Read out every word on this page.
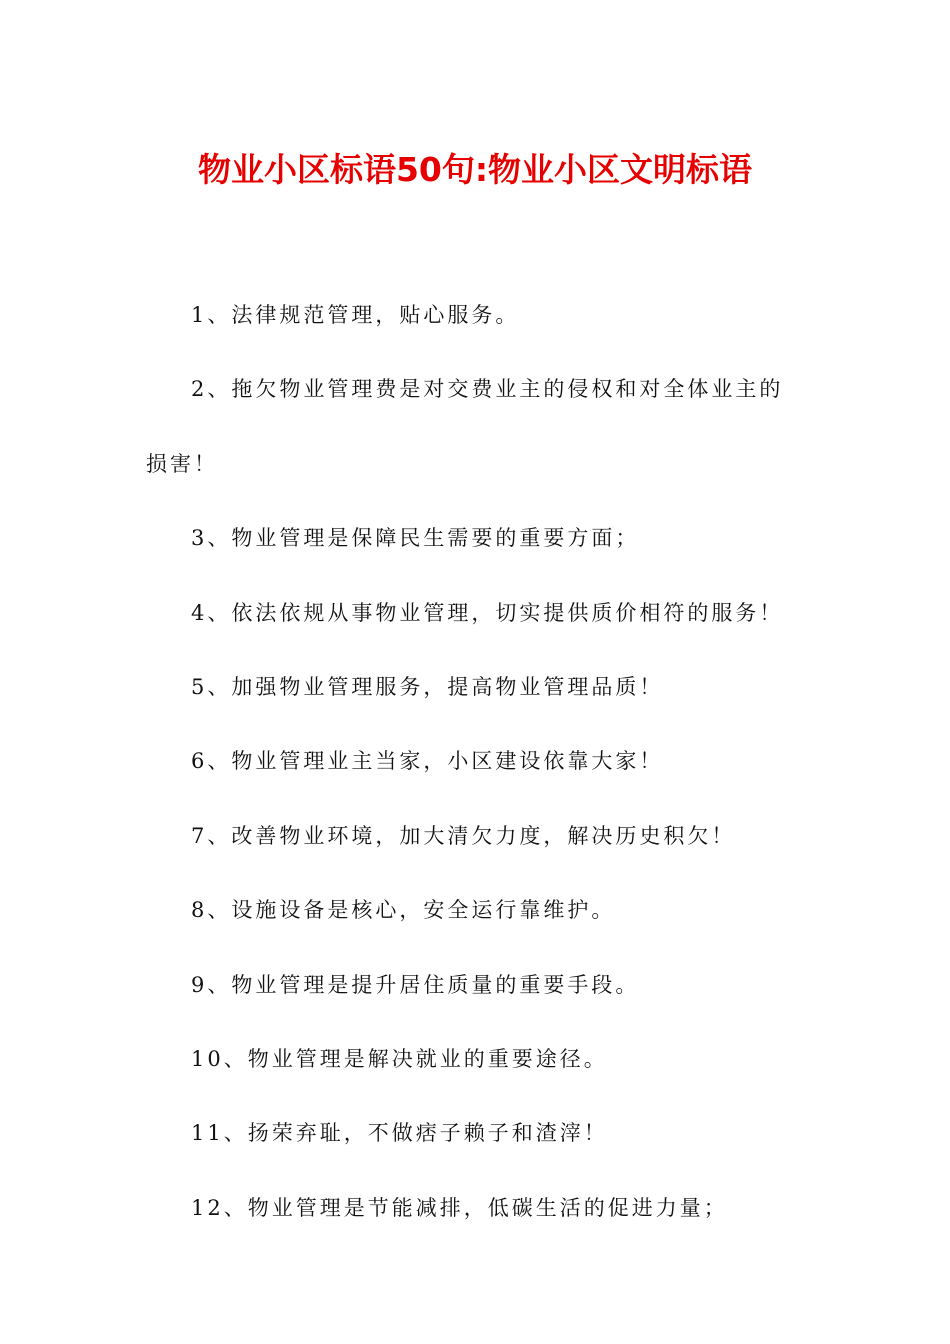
物业小区标语50句:物业小区文明标语

1、法律规范管理，贴心服务。

2、拖欠物业管理费是对交费业主的侵权和对全体业主的损害！

3、物业管理是保障民生需要的重要方面；

4、依法依规从事物业管理，切实提供质价相符的服务！

5、加强物业管理服务，提高物业管理品质！

6、物业管理业主当家，小区建设依靠大家！

7、改善物业环境，加大清欠力度，解决历史积欠！

8、设施设备是核心，安全运行靠维护。

9、物业管理是提升居住质量的重要手段。

10、物业管理是解决就业的重要途径。

11、扬荣弃耻，不做痞子赖子和渣滓！

12、物业管理是节能减排，低碳生活的促进力量；
